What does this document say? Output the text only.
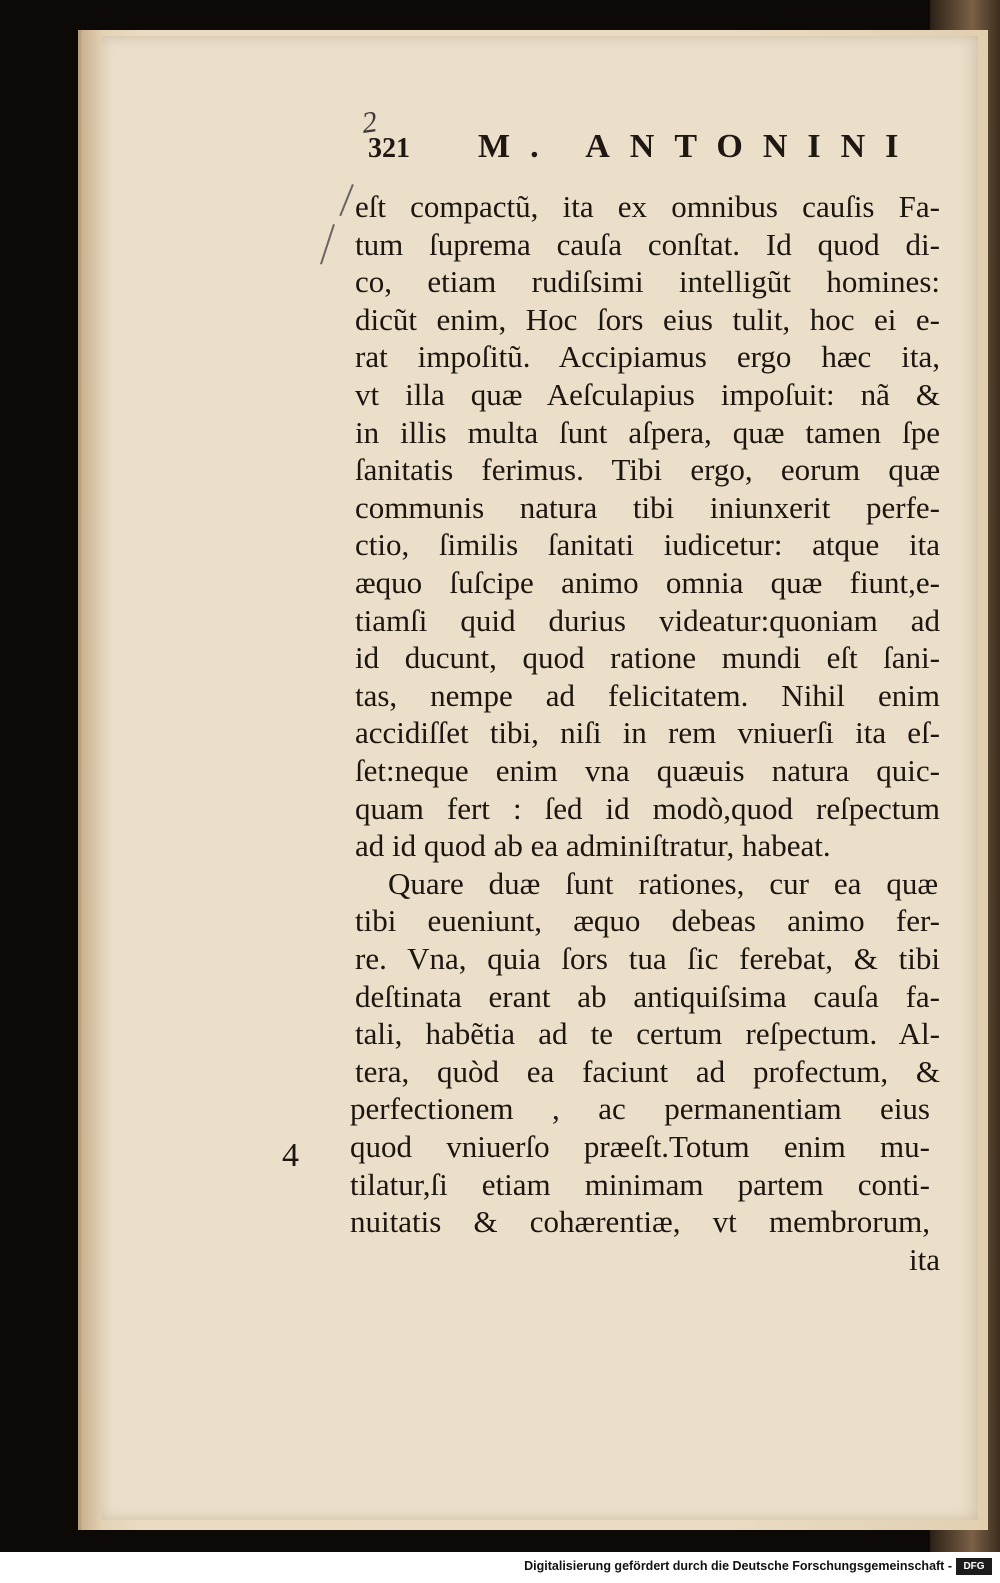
2
321 M. ANTONINI
eſt compactũ, ita ex omnibus cauſis Fa-
tum ſuprema cauſa conſtat. Id quod di-
co, etiam rudiſsimi intelligũt homines:
dicũt enim, Hoc ſors eius tulit, hoc ei e-
rat impoſitũ. Accipiamus ergo hæc ita,
vt illa quæ Aeſculapius impoſuit: nã &
in illis multa ſunt aſpera, quæ tamen ſpe
ſanitatis ferimus. Tibi ergo, eorum quæ
communis natura tibi iniunxerit perfe-
ctio, ſimilis ſanitati iudicetur: atque ita
æquo ſuſcipe animo omnia quæ fiunt,e-
tiamſi quid durius videatur:quoniam ad
id ducunt, quod ratione mundi eſt ſani-
tas, nempe ad felicitatem. Nihil enim
accidiſſet tibi, niſi in rem vniuerſi ita eſ-
ſet:neque enim vna quæuis natura quic-
quam fert : ſed id modò,quod reſpectum
ad id quod ab ea adminiſtratur, habeat.
Quare duæ ſunt rationes, cur ea quæ
tibi eueniunt, æquo debeas animo fer-
re. Vna, quia ſors tua ſic ferebat, & tibi
deſtinata erant ab antiquiſsima cauſa fa-
tali, habẽtia ad te certum reſpectum. Al-
tera, quòd ea faciunt ad profectum, &
perfectionem , ac permanentiam eius
quod vniuerſo præeſt.Totum enim mu-
tilatur,ſi etiam minimam partem conti-
nuitatis & cohærentiæ, vt membrorum,
ita
4
Digitalisierung gefördert durch die Deutsche Forschungsgemeinschaft -	DFG
